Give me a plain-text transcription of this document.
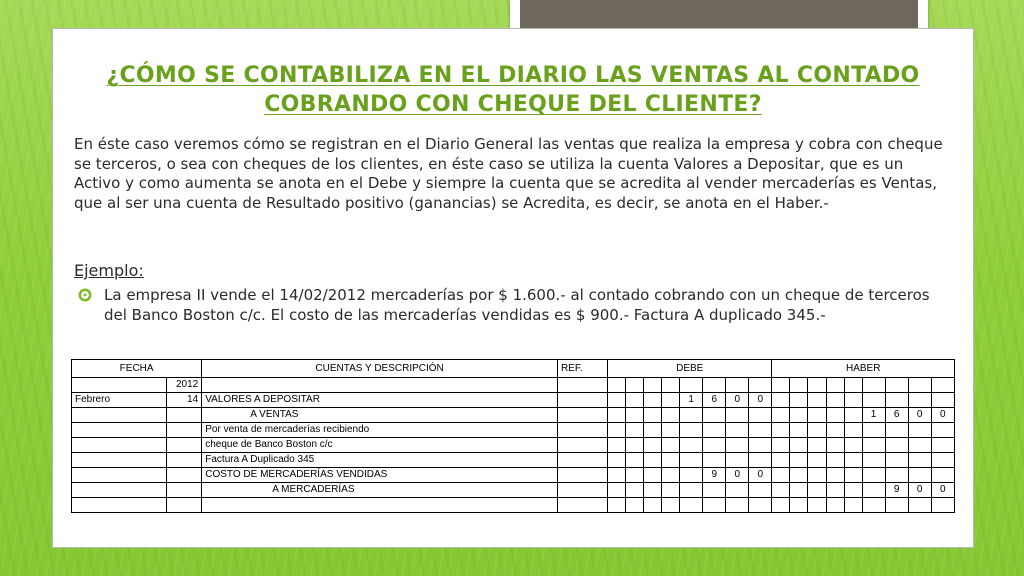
¿CÓMO SE CONTABILIZA EN EL DIARIO LAS VENTAS AL CONTADO COBRANDO CON CHEQUE DEL CLIENTE?
En éste caso veremos cómo se registran en el Diario General las ventas que realiza la empresa y cobra con cheque se terceros, o sea con cheques de los clientes, en éste caso se utiliza la cuenta Valores a Depositar, que es un Activo y como aumenta se anota en el Debe y siempre la cuenta que se acredita al vender mercaderías es Ventas, que al ser una cuenta de Resultado positivo (ganancias) se Acredita, es decir, se anota en el Haber.-
Ejemplo:
La empresa II vende el 14/02/2012 mercaderías por $ 1.600.- al contado cobrando con un cheque de terceros del Banco Boston c/c. El costo de las mercaderías vendidas es $ 900.- Factura A duplicado 345.-
FECHA		CUENTAS Y DESCRIPCIÓN	REF.	DEBE								HABER								
	2012																			
Febrero	14	VALORES A DEPOSITAR						1	6	0	0									
		A VENTAS															1	6	0	0
		Por venta de mercaderías recibiendo																		
		cheque de Banco Boston c/c																		
		Factura A Duplicado 345																		
		COSTO DE MERCADERÍAS VENDIDAS							9	0	0									
		A MERCADERÍAS																9	0	0
